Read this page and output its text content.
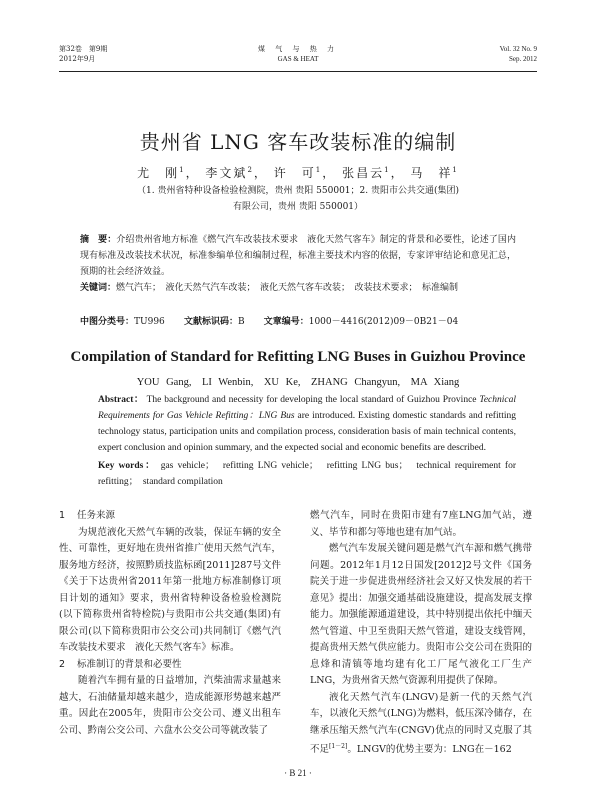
第32卷　第9期
2012年9月
煤 气 与 热 力
GAS & HEAT
Vol. 32 No. 9
Sep. 2012
贵州省 LNG 客车改装标准的编制
尤　刚$^1$， 李文斌$^2$， 许　可$^1$， 张昌云$^1$， 马　祥$^1$
（1. 贵州省特种设备检验检测院，贵州 贵阳 550001；2. 贵阳市公共交通(集团)
有限公司，贵州 贵阳 550001）
摘　要：介绍贵州省地方标准《燃气汽车改装技术要求　液化天然气客车》制定的背景和必要性，论述了国内现有标准及改装技术状况，标准参编单位和编制过程，标准主要技术内容的依据，专家评审结论和意见汇总，预期的社会经济效益。
关键词：燃气汽车；　液化天然气汽车改装；　液化天然气客车改装；　改装技术要求；　标准编制
中图分类号：TU996 文献标识码：B 文章编号：1000－4416(2012)09－0B21－04
Compilation of Standard for Refitting LNG Buses in Guizhou Province
YOU Gang,　LI Wenbin,　XU Ke,　ZHANG Changyun,　MA Xiang
Abstract： The background and necessity for developing the local standard of Guizhou Province Technical Requirements for Gas Vehicle Refitting：LNG Bus are introduced. Existing domestic standards and refitting technology status, participation units and compilation process, consideration basis of main technical contents, expert conclusion and opinion summary, and the expected social and economic benefits are described.
Key words： gas vehicle；　refitting LNG vehicle；　refitting LNG bus；　technical requirement for refitting；　standard compilation
1 任务来源

为规范液化天然气车辆的改装，保证车辆的安全性、可靠性，更好地在贵州省推广使用天然气汽车，服务地方经济，按照黔质技监标函[2011]287号文件《关于下达贵州省2011年第一批地方标准制修订项目计划的通知》要求，贵州省特种设备检验检测院(以下简称贵州省特检院)与贵阳市公共交通(集团)有限公司(以下简称贵阳市公交公司)共同制订《燃气汽车改装技术要求　液化天然气客车》标准。

2 标准制订的背景和必要性

随着汽车拥有量的日益增加，汽柴油需求量越来越大，石油储量却越来越少，造成能源形势越来越严重。因此在2005年，贵阳市公交公司、遵义出租车公司、黔南公交公司、六盘水公交公司等就改装了

燃气汽车，同时在贵阳市建有7座LNG加气站，遵义、毕节和都匀等地也建有加气站。

燃气汽车发展关键问题是燃气汽车源和燃气携带问题。2012年1月12日国发[2012]2号文件《国务院关于进一步促进贵州经济社会又好又快发展的若干意见》提出：加强交通基础设施建设，提高发展支撑能力。加强能源通道建设，其中特别提出依托中缅天然气管道、中卫至贵阳天然气管道，建设支线管网，提高贵州天然气供应能力。贵阳市公交公司在贵阳的息烽和清镇等地均建有化工厂尾气液化工厂生产LNG，为贵州省天然气资源利用提供了保障。

液化天然气汽车(LNGV)是新一代的天然气汽车，以液化天然气(LNG)为燃料，低压深冷储存，在继承压缩天然气汽车(CNGV)优点的同时又克服了其不足[1－2]。LNGV的优势主要为：LNG在－162

· B 21 ·
